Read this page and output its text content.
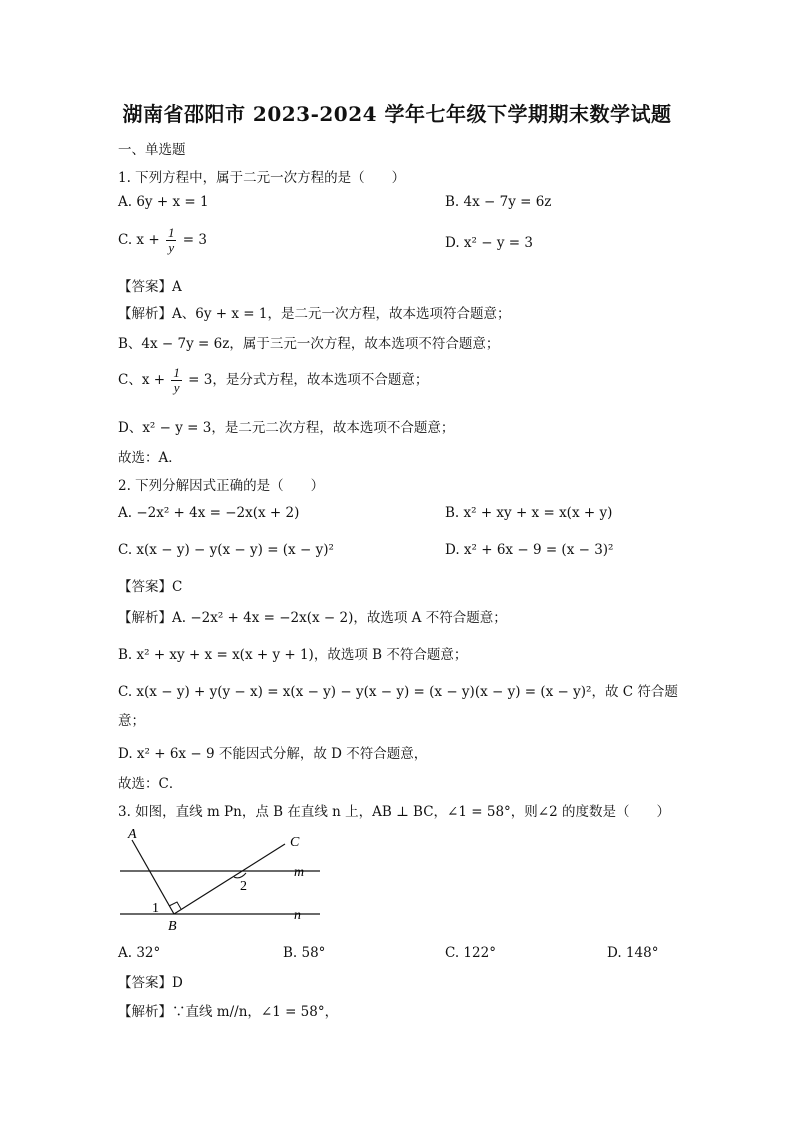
湖南省邵阳市 2023-2024 学年七年级下学期期末数学试题
一、单选题
1. 下列方程中，属于二元一次方程的是（　　）
A. 6y + x = 1	B. 4x − 7y = 6z
C. $x + \frac{1}{y} = 3$	D. x² − y = 3
【答案】A
【解析】A、6y + x = 1，是二元一次方程，故本选项符合题意；
B、4x − 7y = 6z，属于三元一次方程，故本选项不符合题意；
C、$x + \frac{1}{y} = 3$，是分式方程，故本选项不合题意；
D、x² − y = 3，是二元二次方程，故本选项不合题意；
故选：A．
2. 下列分解因式正确的是（　　）
A. −2x² + 4x = −2x(x + 2)	B. x² + xy + x = x(x + y)
C. x(x − y) − y(x − y) = (x − y)²	D. x² + 6x − 9 = (x − 3)²
【答案】C
【解析】A. −2x² + 4x = −2x(x − 2)，故选项 A 不符合题意；
B. x² + xy + x = x(x + y + 1)，故选项 B 不符合题意；
C. x(x − y) + y(y − x) = x(x − y) − y(x − y) = (x − y)(x − y) = (x − y)²，故 C 符合题
意；
D. x² + 6x − 9 不能因式分解，故 D 不符合题意，
故选：C．
3. 如图，直线 m Pn，点 B 在直线 n 上，AB ⊥ BC，∠1 = 58°，则∠2 的度数是（　　）
A
B
C
m
n
1
2
A. 32°	B. 58°	C. 122°	D. 148°
【答案】D
【解析】∵直线 m//n，∠1 = 58°，
